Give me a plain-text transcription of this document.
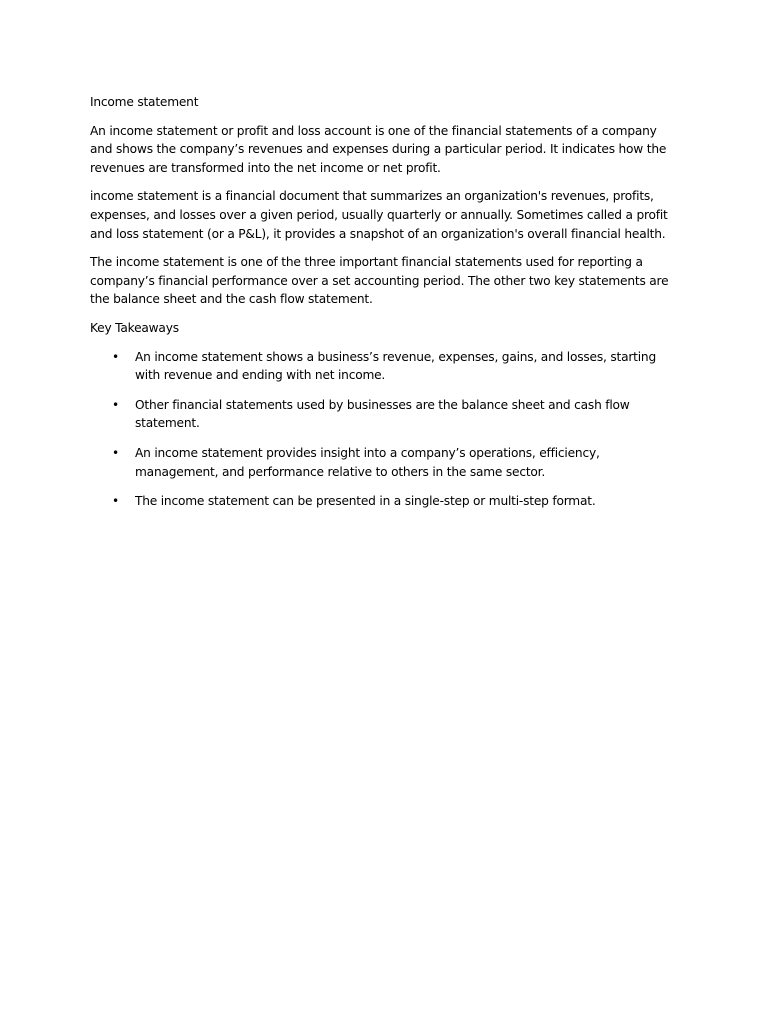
Income statement

An income statement or profit and loss account is one of the financial statements of a company and shows the company’s revenues and expenses during a particular period. It indicates how the revenues are transformed into the net income or net profit.

income statement is a financial document that summarizes an organization's revenues, profits, expenses, and losses over a given period, usually quarterly or annually. Sometimes called a profit and loss statement (or a P&L), it provides a snapshot of an organization's overall financial health.

The income statement is one of the three important financial statements used for reporting a company’s financial performance over a set accounting period. The other two key statements are the balance sheet and the cash flow statement.

Key Takeaways
• An income statement shows a business’s revenue, expenses, gains, and losses, starting with revenue and ending with net income.
• Other financial statements used by businesses are the balance sheet and cash flow statement.
• An income statement provides insight into a company’s operations, efficiency, management, and performance relative to others in the same sector.
• The income statement can be presented in a single-step or multi-step format.
